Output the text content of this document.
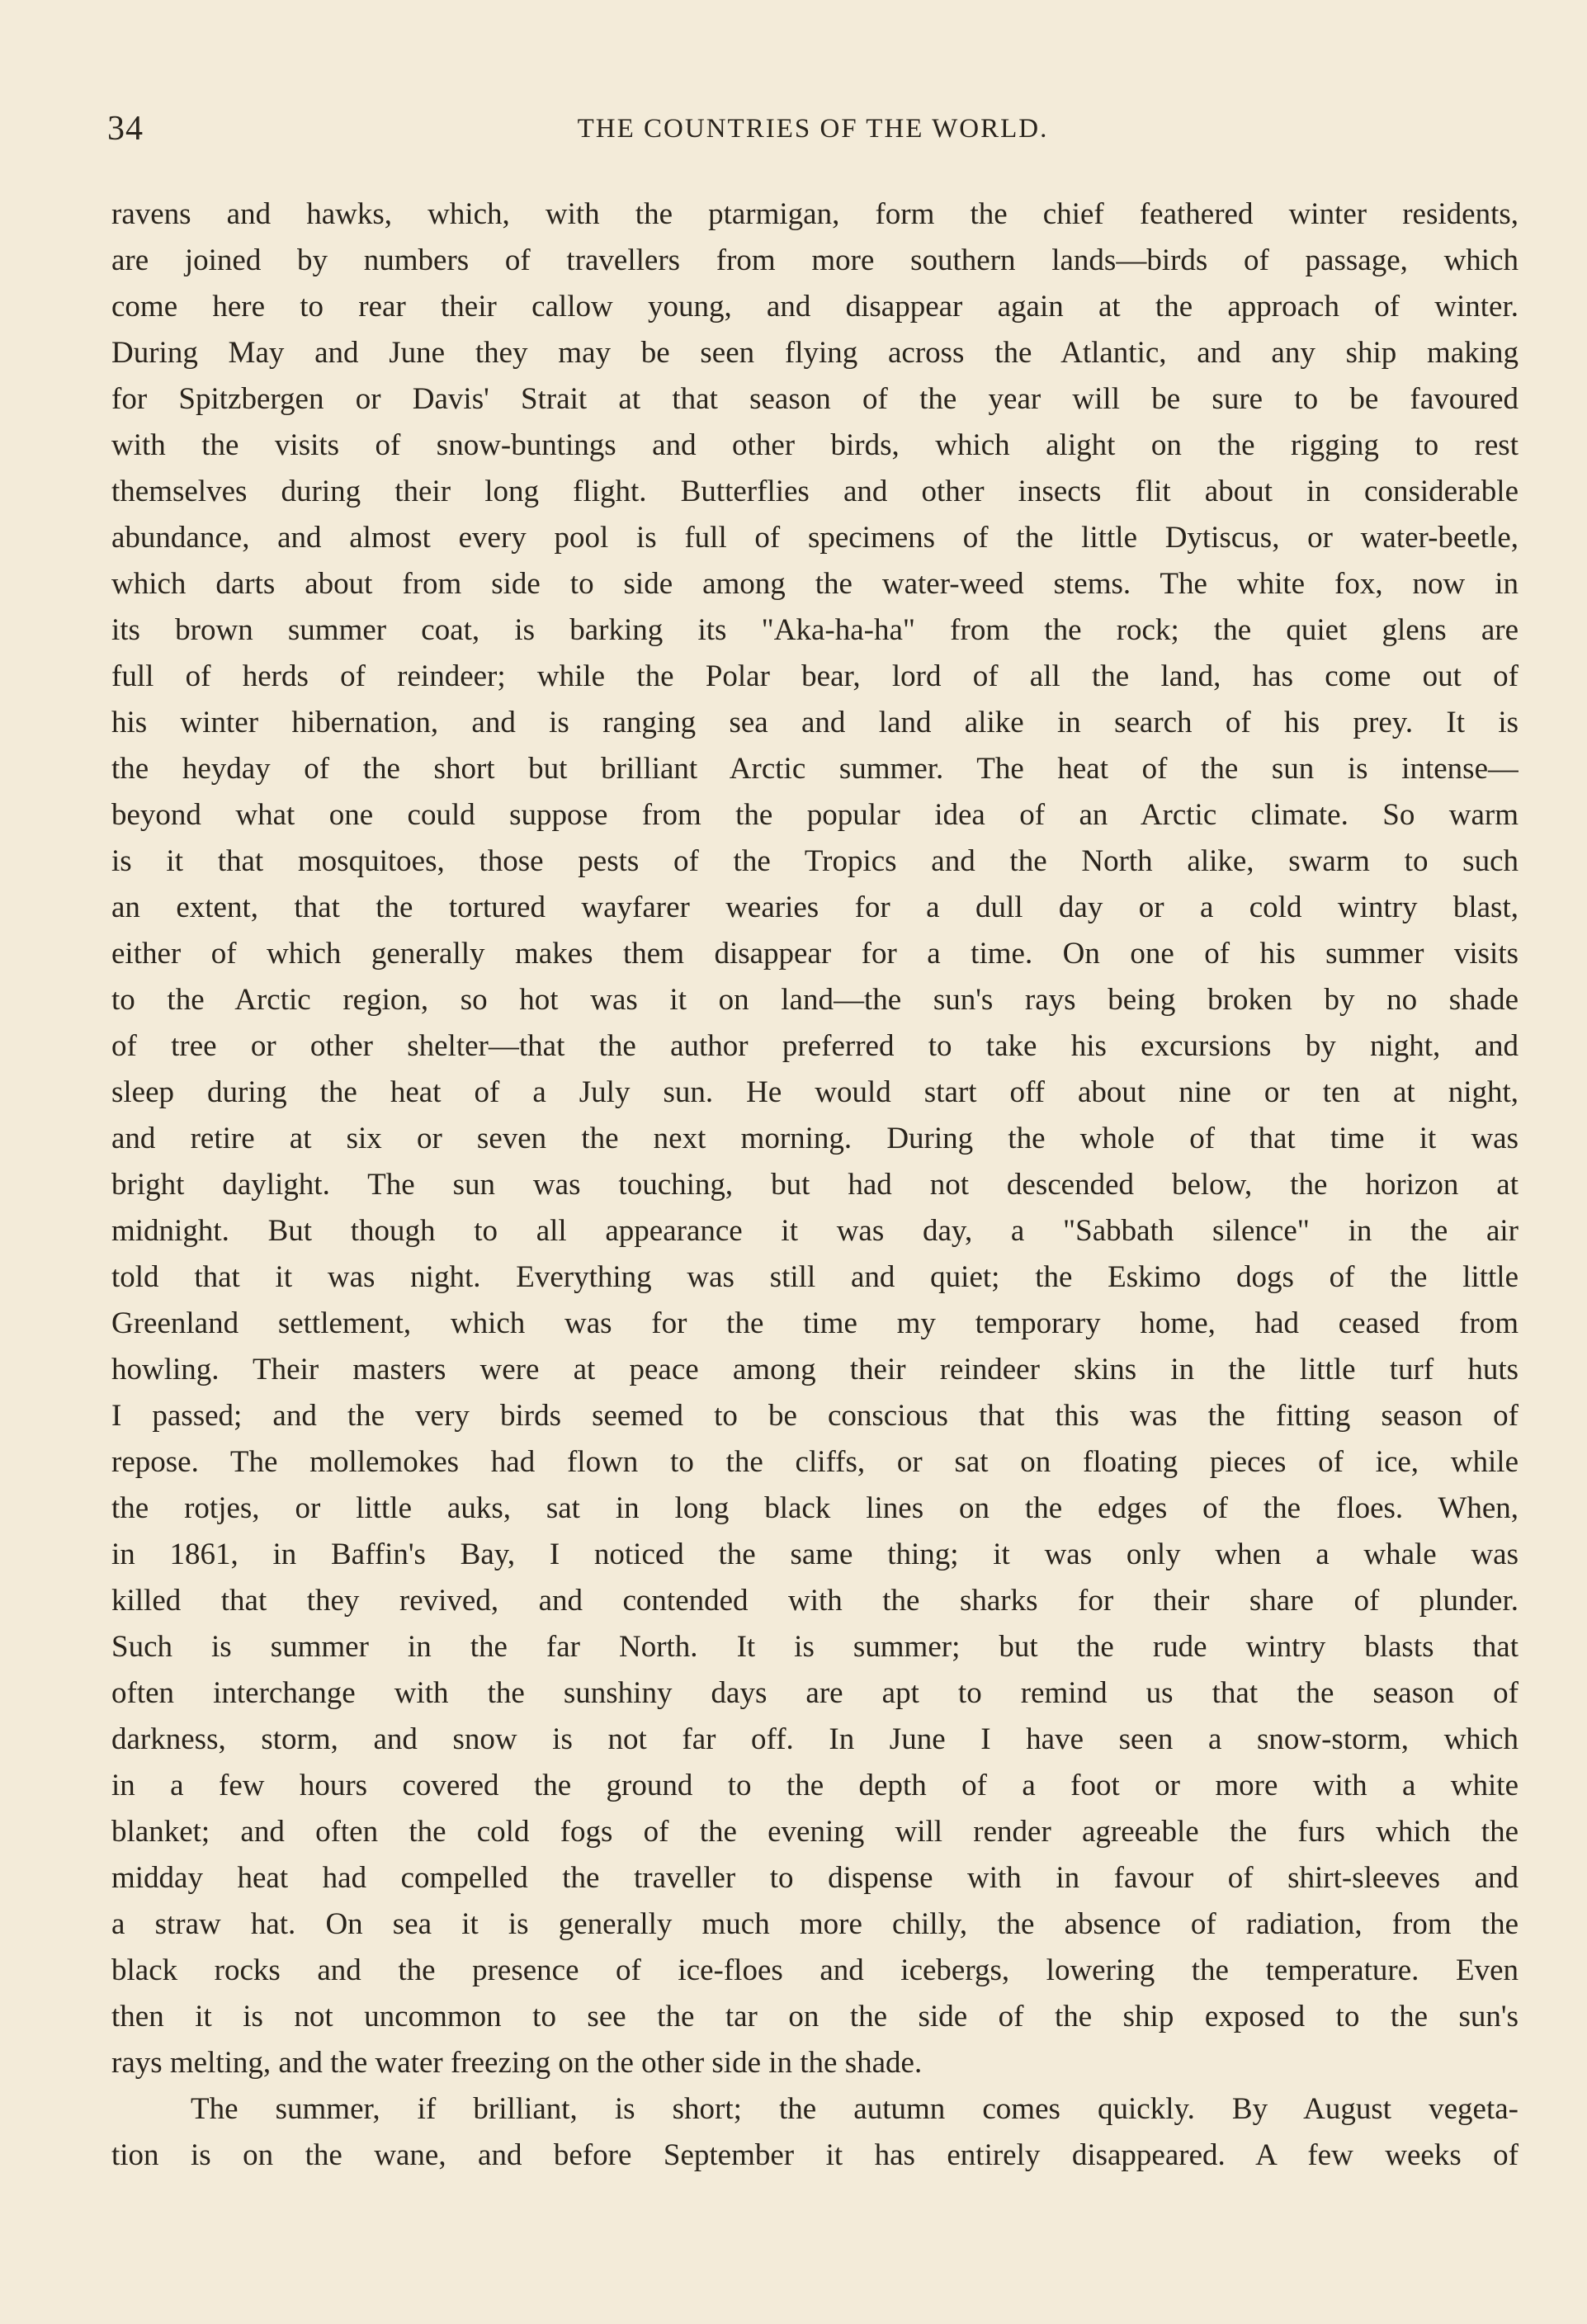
34	THE COUNTRIES OF THE WORLD.
ravens and hawks, which, with the ptarmigan, form the chief feathered winter residents,
are joined by numbers of travellers from more southern lands—birds of passage, which
come here to rear their callow young, and disappear again at the approach of winter.
During May and June they may be seen flying across the Atlantic, and any ship making
for Spitzbergen or Davis' Strait at that season of the year will be sure to be favoured
with the visits of snow-buntings and other birds, which alight on the rigging to rest
themselves during their long flight. Butterflies and other insects flit about in considerable
abundance, and almost every pool is full of specimens of the little Dytiscus, or water-beetle,
which darts about from side to side among the water-weed stems. The white fox, now in
its brown summer coat, is barking its "Aka-ha-ha" from the rock; the quiet glens are
full of herds of reindeer; while the Polar bear, lord of all the land, has come out of
his winter hibernation, and is ranging sea and land alike in search of his prey. It is
the heyday of the short but brilliant Arctic summer. The heat of the sun is intense—
beyond what one could suppose from the popular idea of an Arctic climate. So warm
is it that mosquitoes, those pests of the Tropics and the North alike, swarm to such
an extent, that the tortured wayfarer wearies for a dull day or a cold wintry blast,
either of which generally makes them disappear for a time. On one of his summer visits
to the Arctic region, so hot was it on land—the sun's rays being broken by no shade
of tree or other shelter—that the author preferred to take his excursions by night, and
sleep during the heat of a July sun. He would start off about nine or ten at night,
and retire at six or seven the next morning. During the whole of that time it was
bright daylight. The sun was touching, but had not descended below, the horizon at
midnight. But though to all appearance it was day, a "Sabbath silence" in the air
told that it was night. Everything was still and quiet; the Eskimo dogs of the little
Greenland settlement, which was for the time my temporary home, had ceased from
howling. Their masters were at peace among their reindeer skins in the little turf huts
I passed; and the very birds seemed to be conscious that this was the fitting season of
repose. The mollemokes had flown to the cliffs, or sat on floating pieces of ice, while
the rotjes, or little auks, sat in long black lines on the edges of the floes. When,
in 1861, in Baffin's Bay, I noticed the same thing; it was only when a whale was
killed that they revived, and contended with the sharks for their share of plunder.
Such is summer in the far North. It is summer; but the rude wintry blasts that
often interchange with the sunshiny days are apt to remind us that the season of
darkness, storm, and snow is not far off. In June I have seen a snow-storm, which
in a few hours covered the ground to the depth of a foot or more with a white
blanket; and often the cold fogs of the evening will render agreeable the furs which the
midday heat had compelled the traveller to dispense with in favour of shirt-sleeves and
a straw hat. On sea it is generally much more chilly, the absence of radiation, from the
black rocks and the presence of ice-floes and icebergs, lowering the temperature. Even
then it is not uncommon to see the tar on the side of the ship exposed to the sun's
rays melting, and the water freezing on the other side in the shade.
The summer, if brilliant, is short; the autumn comes quickly. By August vegeta-
tion is on the wane, and before September it has entirely disappeared. A few weeks of
